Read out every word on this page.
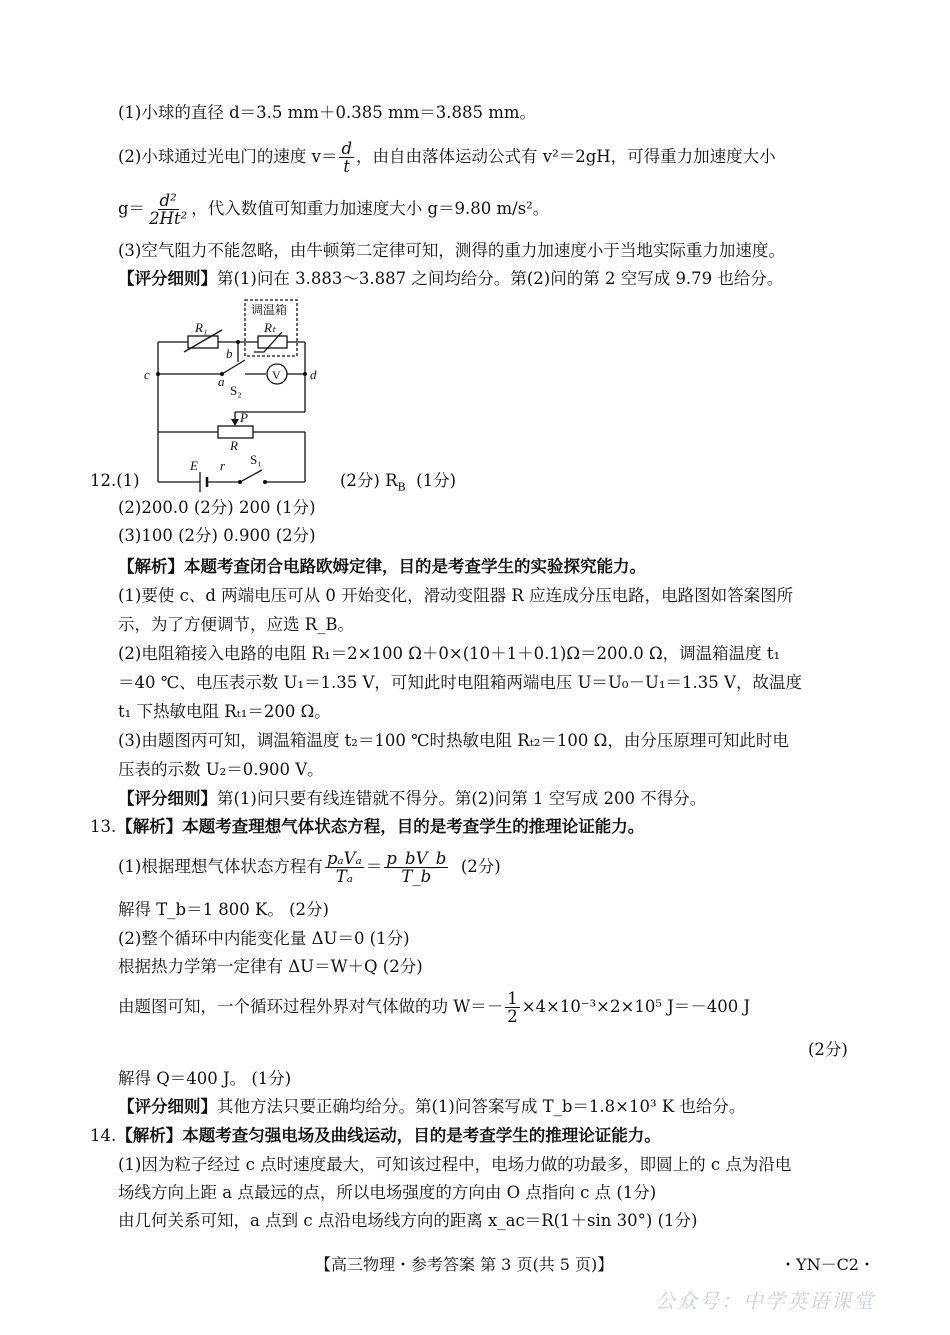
(1)小球的直径 d＝3.5 mm＋0.385 mm＝3.885 mm。
(2)小球通过光电门的速度 $v= \frac{d}{t}$ ，由自由落体运动公式有 v²＝2gH，可得重力加速度大小
$g= \frac{\text{d²}}{\text{2Ht²}}$ ，代入数值可知重力加速度大小 g＝9.80 m/s²。
(3)空气阻力不能忽略，由牛顿第二定律可知，测得的重力加速度小于当地实际重力加速度。
【评分细则】第(1)问在 3.883～3.887 之间均给分。第(2)问的第 2 空写成 9.79 也给分。
调温箱
R₁	Rₜ
b
c	a
S₂
V d
P
R
E r S₁
12.(1)	(2分) $R_B$ (1分)
(2)200.0 (2分) 200 (1分)
(3)100 (2分) 0.900 (2分)
【解析】本题考查闭合电路欧姆定律，目的是考查学生的实验探究能力。
(1)要使 c、d 两端电压可从 0 开始变化，滑动变阻器 R 应连成分压电路，电路图如答案图所
示，为了方便调节，应选 R_B。
(2)电阻箱接入电路的电阻 R₁＝2×100 Ω＋0×(10＋1＋0.1)Ω＝200.0 Ω，调温箱温度 t₁
＝40 ℃、电压表示数 U₁＝1.35 V，可知此时电阻箱两端电压 U＝U₀－U₁＝1.35 V，故温度
t₁ 下热敏电阻 Rₜ₁＝200 Ω。
(3)由题图丙可知，调温箱温度 t₂＝100 ℃时热敏电阻 Rₜ₂＝100 Ω，由分压原理可知此时电
压表的示数 U₂＝0.900 V。
【评分细则】第(1)问只要有线连错就不得分。第(2)问第 1 空写成 200 不得分。
13.【解析】本题考查理想气体状态方程，目的是考查学生的推理论证能力。
(1)根据理想气体状态方程有 $\frac{\text{pₐVₐ}}{\text{Tₐ}} = \frac{p\_bV\_b}{T\_b} (2$分)
解得 T_b＝1 800 K。 (2分)
(2)整个循环中内能变化量 ΔU＝0 (1分)
根据热力学第一定律有 ΔU＝W＋Q (2分)
由题图可知，一个循环过程外界对气体做的功 $W=- \frac{1}{2} \times 4\times 10^{-3}\times 2\times 10^5$ J＝－400 J
(2分)
解得 Q＝400 J。 (1分)
【评分细则】其他方法只要正确均给分。第(1)问答案写成 T_b＝1.8×10³ K 也给分。
14.【解析】本题考查匀强电场及曲线运动，目的是考查学生的推理论证能力。
(1)因为粒子经过 c 点时速度最大，可知该过程中，电场力做的功最多，即圆上的 c 点为沿电
场线方向上距 a 点最远的点，所以电场强度的方向由 O 点指向 c 点 (1分)
由几何关系可知，a 点到 c 点沿电场线方向的距离 x_ac＝R(1＋sin 30°) (1分)
【高三物理・参考答案 第 3 页(共 5 页)】	・YN－C2・
公众号：中学英语课堂
